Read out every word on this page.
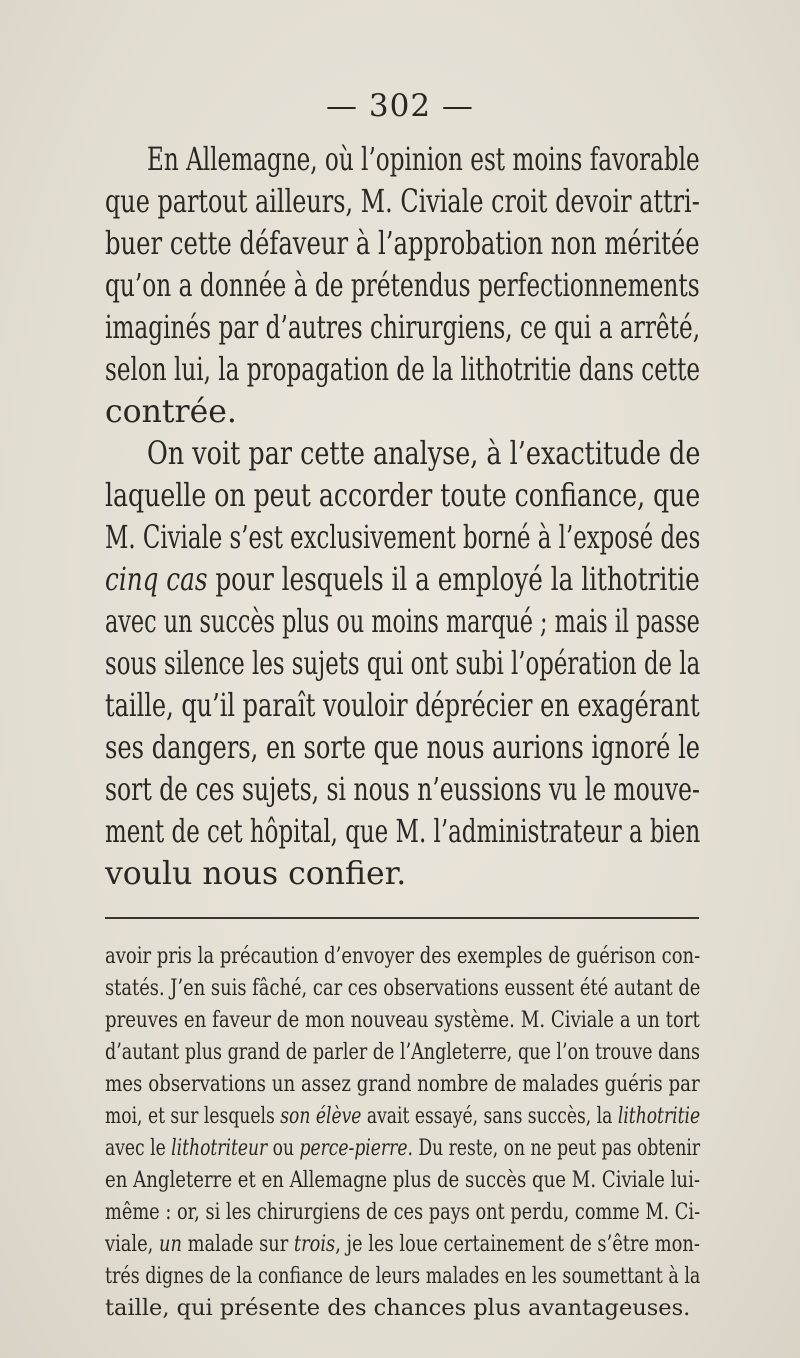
— 302 —
En Allemagne, où l’opinion est moins favorable
que partout ailleurs, M. Civiale croit devoir attri-
buer cette défaveur à l’approbation non méritée
qu’on a donnée à de prétendus perfectionnements
imaginés par d’autres chirurgiens, ce qui a arrêté,
selon lui, la propagation de la lithotritie dans cette
contrée.
On voit par cette analyse, à l’exactitude de
laquelle on peut accorder toute confiance, que
M. Civiale s’est exclusivement borné à l’exposé des
cinq cas pour lesquels il a employé la lithotritie
avec un succès plus ou moins marqué ; mais il passe
sous silence les sujets qui ont subi l’opération de la
taille, qu’il paraît vouloir déprécier en exagérant
ses dangers, en sorte que nous aurions ignoré le
sort de ces sujets, si nous n’eussions vu le mouve-
ment de cet hôpital, que M. l’administrateur a bien
voulu nous confier.
avoir pris la précaution d’envoyer des exemples de guérison con-
statés. J’en suis fâché, car ces observations eussent été autant de
preuves en faveur de mon nouveau système. M. Civiale a un tort
d’autant plus grand de parler de l’Angleterre, que l’on trouve dans
mes observations un assez grand nombre de malades guéris par
moi, et sur lesquels son élève avait essayé, sans succès, la lithotritie
avec le lithotriteur ou perce-pierre. Du reste, on ne peut pas obtenir
en Angleterre et en Allemagne plus de succès que M. Civiale lui-
même : or, si les chirurgiens de ces pays ont perdu, comme M. Ci-
viale, un malade sur trois, je les loue certainement de s’être mon-
trés dignes de la confiance de leurs malades en les soumettant à la
taille, qui présente des chances plus avantageuses.
